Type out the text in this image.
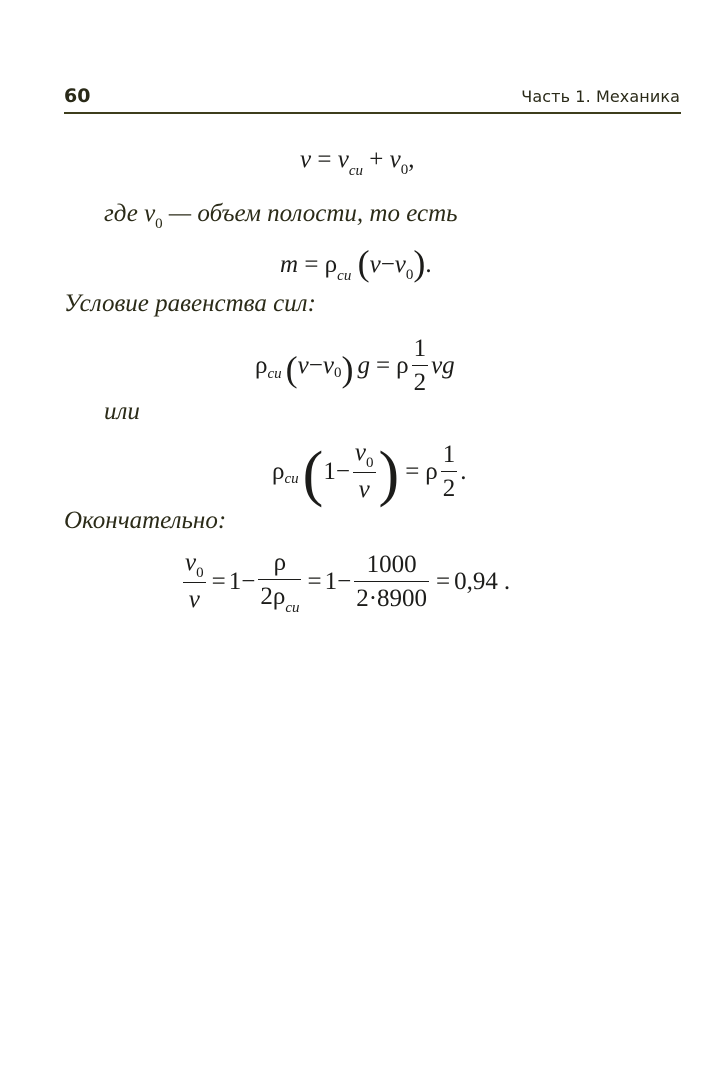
60	Часть 1. Механика
$v = v_{си} + v_0$,
где $v_0$ — объем полости, то есть
$m = \rho_{си}$ $(v-v_0)$.
Условие равенства сил:
ρ си ( v − v 0 ) g = ρ $\frac{1}{2}$ vg
или
ρ си ( $1 - \frac{v_0}{v}$ ) = ρ $\frac{1}{2}$ .
Окончательно:
$\frac{v_0}{v} = 1 - \frac{\rho}{2\rho_{си}} = 1 - \frac{1000}{2\cdot 8900} = 0,94$ .
